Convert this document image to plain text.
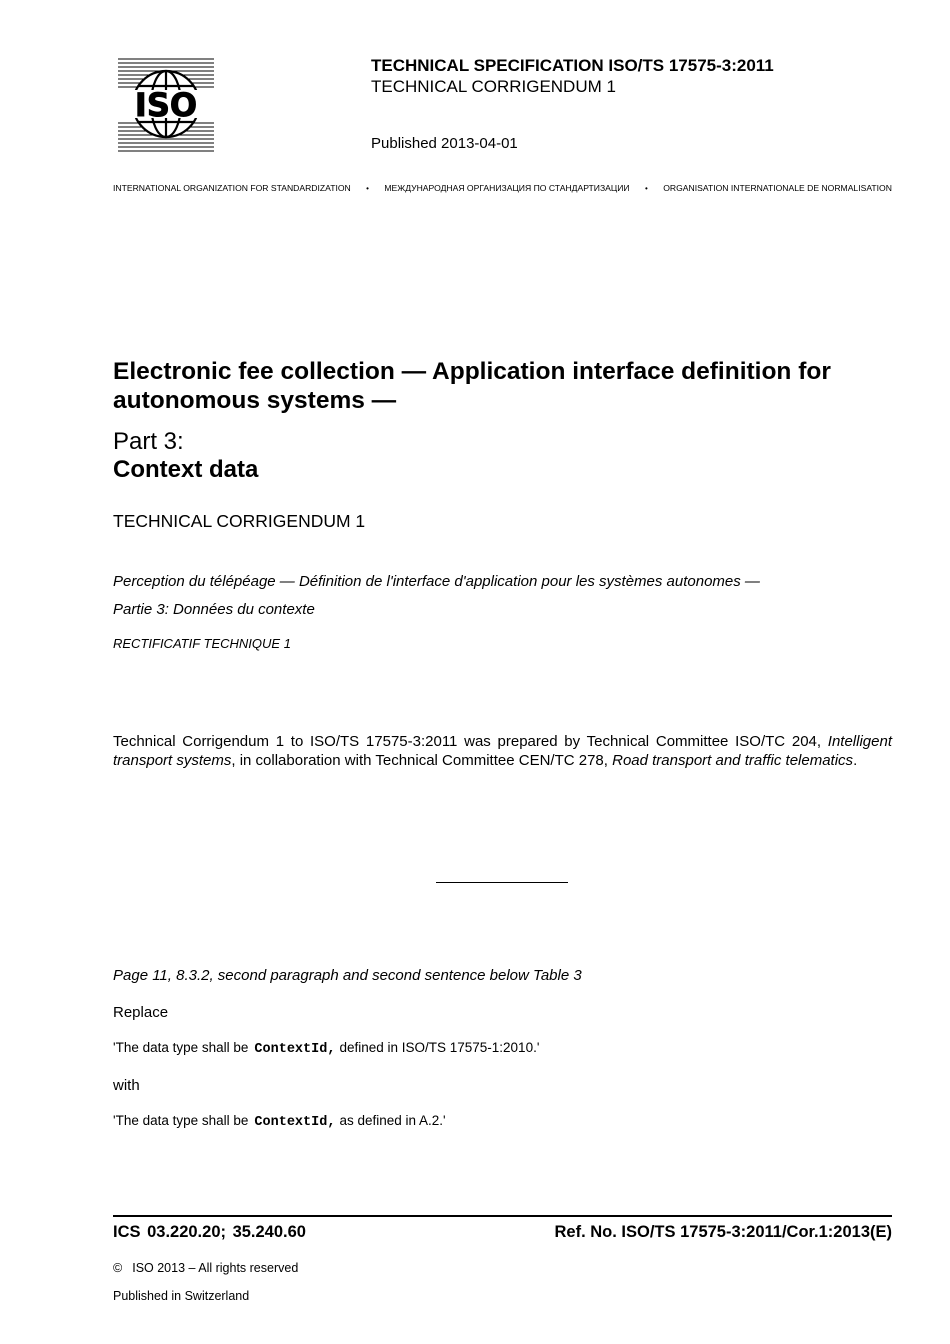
ISO
TECHNICAL SPECIFICATION ISO/TS 17575-3:2011
TECHNICAL CORRIGENDUM 1
Published 2013-04-01
INTERNATIONAL ORGANIZATION FOR STANDARDIZATION • МЕЖДУНАРОДНАЯ ОРГАНИЗАЦИЯ ПО СТАНДАРТИЗАЦИИ • ORGANISATION INTERNATIONALE DE NORMALISATION
Electronic fee collection — Application interface definition for autonomous systems —
Part 3:
Context data
TECHNICAL CORRIGENDUM 1
Perception du télépéage — Définition de l'interface d'application pour les systèmes autonomes —
Partie 3: Données du contexte
RECTIFICATIF TECHNIQUE 1
Technical Corrigendum 1 to ISO/TS 17575-3:2011 was prepared by Technical Committee ISO/TC 204, Intelligent transport systems, in collaboration with Technical Committee CEN/TC 278, Road transport and traffic telematics.
Page 11, 8.3.2, second paragraph and second sentence below Table 3
Replace
'The data type shall be ContextId, defined in ISO/TS 17575-1:2010.'
with
'The data type shall be ContextId, as defined in A.2.'
ICS 03.220.20; 35.240.60	Ref. No. ISO/TS 17575-3:2011/Cor.1:2013(E)
© ISO 2013 – All rights reserved
Published in Switzerland
